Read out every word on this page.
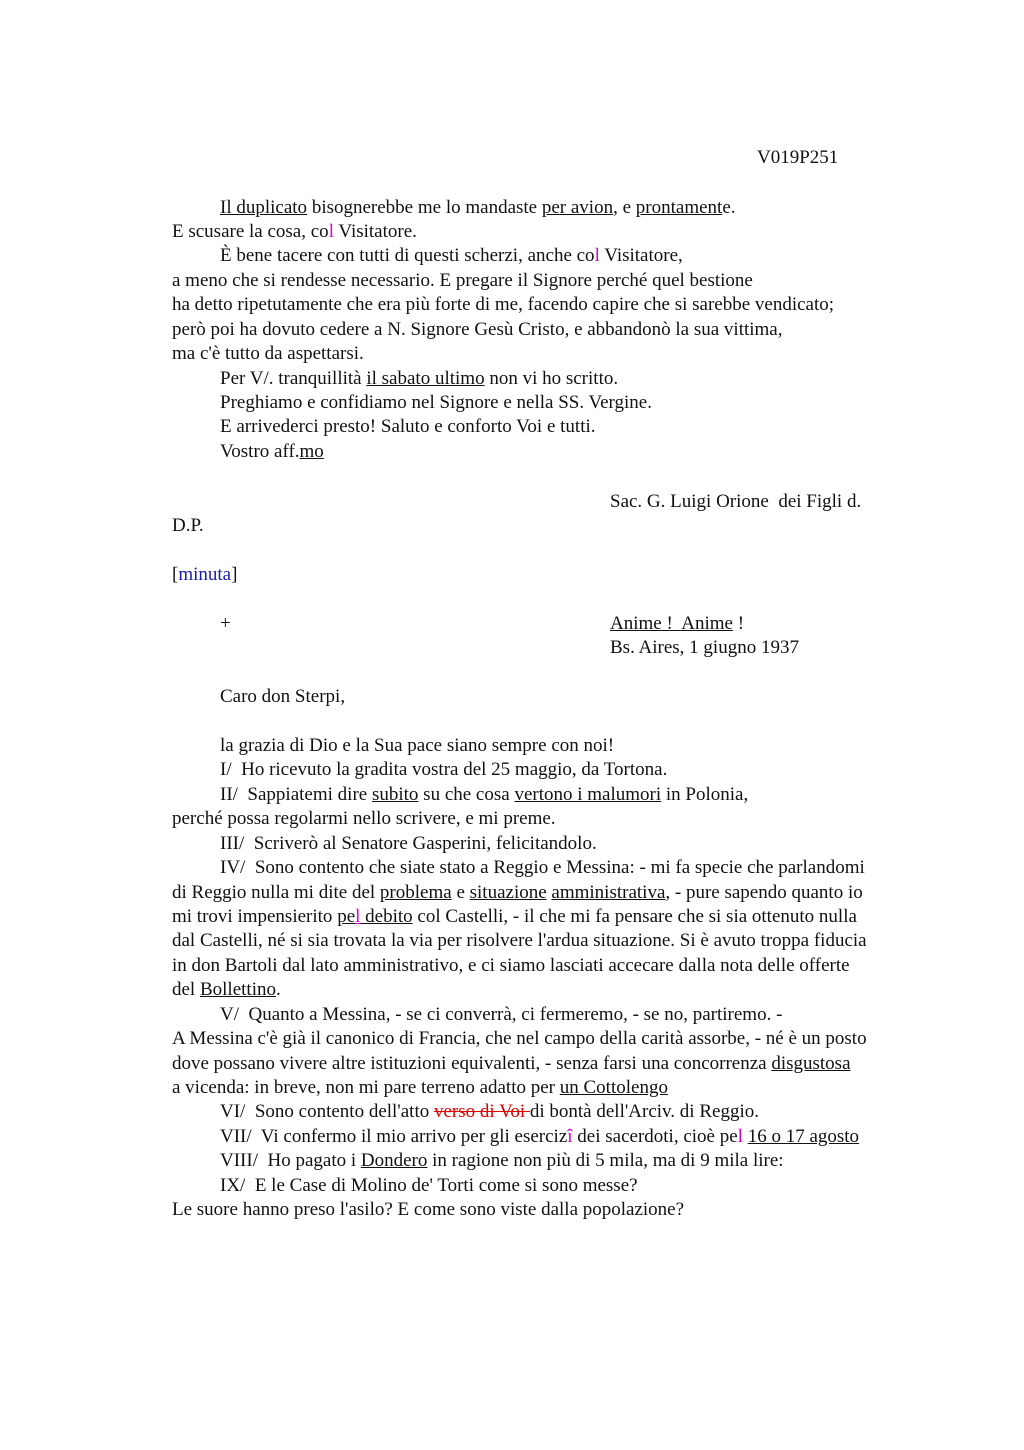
V019P251
Il duplicato bisognerebbe me lo mandaste per avion, e prontamente.
E scusare la cosa, col Visitatore.
È bene tacere con tutti di questi scherzi, anche col Visitatore,
a meno che si rendesse necessario. E pregare il Signore perché quel bestione
ha detto ripetutamente che era più forte di me, facendo capire che si sarebbe vendicato;
però poi ha dovuto cedere a N. Signore Gesù Cristo, e abbandonò la sua vittima,
ma c'è tutto da aspettarsi.
Per V/. tranquillità il sabato ultimo non vi ho scritto.
Preghiamo e confidiamo nel Signore e nella SS. Vergine.
E arrivederci presto! Saluto e conforto Voi e tutti.
Vostro aff.mo
Sac. G. Luigi Orione  dei Figli d.
D.P.
[minuta]
+	Anime !  Anime !
Bs. Aires, 1 giugno 1937
Caro don Sterpi,
la grazia di Dio e la Sua pace siano sempre con noi!
I/  Ho ricevuto la gradita vostra del 25 maggio, da Tortona.
II/  Sappiatemi dire subito su che cosa vertono i malumori in Polonia,
perché possa regolarmi nello scrivere, e mi preme.
III/  Scriverò al Senatore Gasperini, felicitandolo.
IV/  Sono contento che siate stato a Reggio e Messina: - mi fa specie che parlandomi
di Reggio nulla mi dite del problema e situazione amministrativa, - pure sapendo quanto io
mi trovi impensierito pel debito col Castelli, - il che mi fa pensare che si sia ottenuto nulla
dal Castelli, né si sia trovata la via per risolvere l'ardua situazione. Si è avuto troppa fiducia
in don Bartoli dal lato amministrativo, e ci siamo lasciati accecare dalla nota delle offerte
del Bollettino.
V/  Quanto a Messina, - se ci converrà, ci fermeremo, - se no, partiremo. -
A Messina c'è già il canonico di Francia, che nel campo della carità assorbe, - né è un posto
dove possano vivere altre istituzioni equivalenti, - senza farsi una concorrenza disgustosa
a vicenda: in breve, non mi pare terreno adatto per un Cottolengo
VI/  Sono contento dell'atto verso di Voi di bontà dell'Arciv. di Reggio.
VII/  Vi confermo il mio arrivo per gli esercizî dei sacerdoti, cioè pel 16 o 17 agosto
VIII/  Ho pagato i Dondero in ragione non più di 5 mila, ma di 9 mila lire:
IX/  E le Case di Molino de' Torti come si sono messe?
Le suore hanno preso l'asilo? E come sono viste dalla popolazione?
